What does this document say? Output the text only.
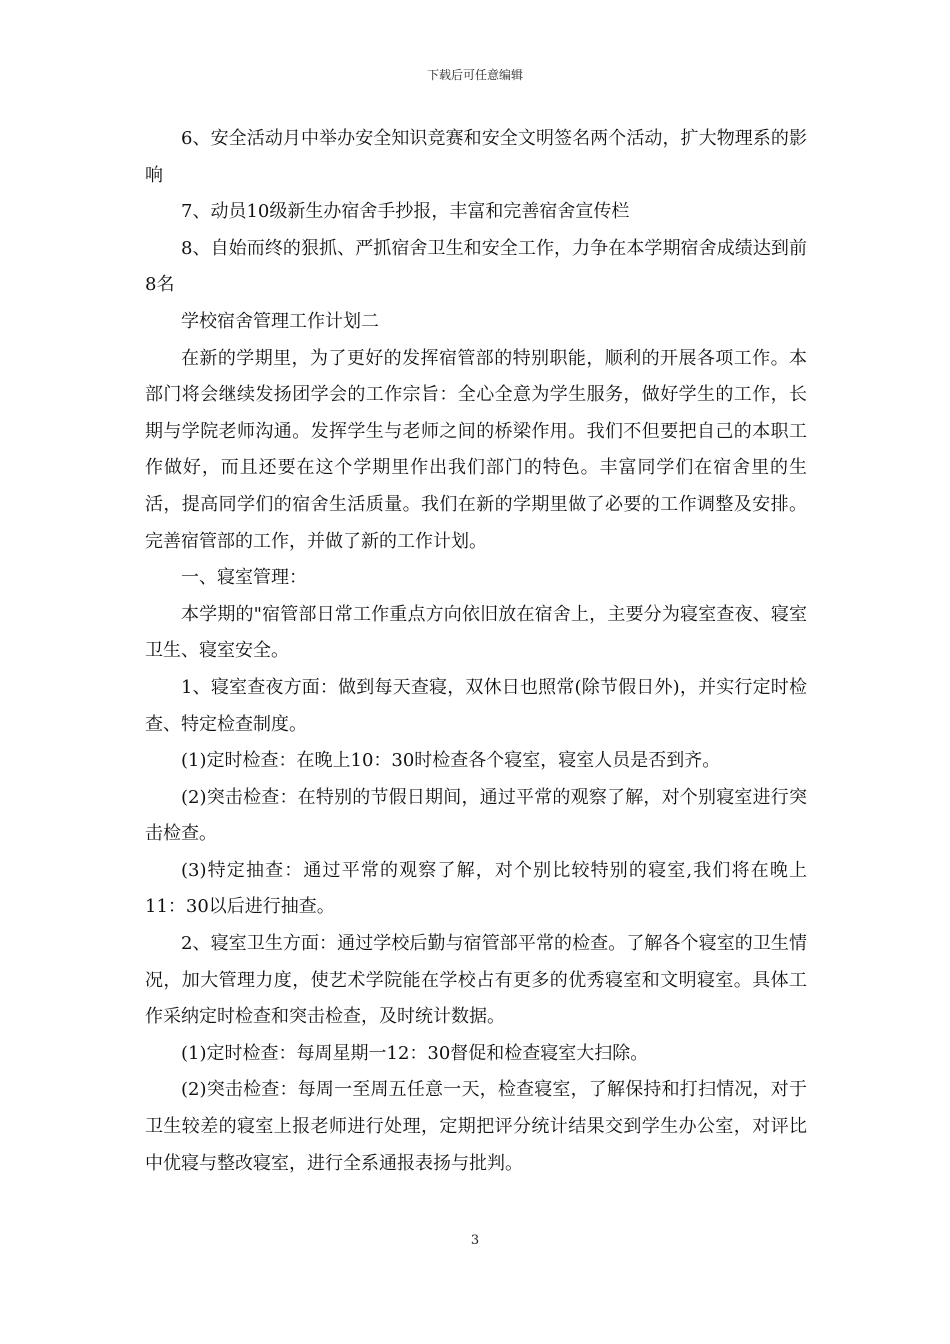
下载后可任意编辑

6、安全活动月中举办安全知识竞赛和安全文明签名两个活动，扩大物理系的影响

7、动员10级新生办宿舍手抄报，丰富和完善宿舍宣传栏

8、自始而终的狠抓、严抓宿舍卫生和安全工作，力争在本学期宿舍成绩达到前8名

学校宿舍管理工作计划二

在新的学期里，为了更好的发挥宿管部的特别职能，顺利的开展各项工作。本部门将会继续发扬团学会的工作宗旨：全心全意为学生服务，做好学生的工作，长期与学院老师沟通。发挥学生与老师之间的桥梁作用。我们不但要把自己的本职工作做好，而且还要在这个学期里作出我们部门的特色。丰富同学们在宿舍里的生活，提高同学们的宿舍生活质量。我们在新的学期里做了必要的工作调整及安排。完善宿管部的工作，并做了新的工作计划。

一、寝室管理：

本学期的"宿管部日常工作重点方向依旧放在宿舍上，主要分为寝室查夜、寝室卫生、寝室安全。

1、寝室查夜方面：做到每天查寝，双休日也照常(除节假日外)，并实行定时检查、特定检查制度。

(1)定时检查：在晚上10：30时检查各个寝室，寝室人员是否到齐。

(2)突击检查：在特别的节假日期间，通过平常的观察了解，对个别寝室进行突击检查。

(3)特定抽查：通过平常的观察了解，对个别比较特别的寝室,我们将在晚上11：30以后进行抽查。

2、寝室卫生方面：通过学校后勤与宿管部平常的检查。了解各个寝室的卫生情况，加大管理力度，使艺术学院能在学校占有更多的优秀寝室和文明寝室。具体工作采纳定时检查和突击检查，及时统计数据。

(1)定时检查：每周星期一12：30督促和检查寝室大扫除。

(2)突击检查：每周一至周五任意一天，检查寝室，了解保持和打扫情况，对于卫生较差的寝室上报老师进行处理，定期把评分统计结果交到学生办公室，对评比中优寝与整改寝室，进行全系通报表扬与批判。

3
